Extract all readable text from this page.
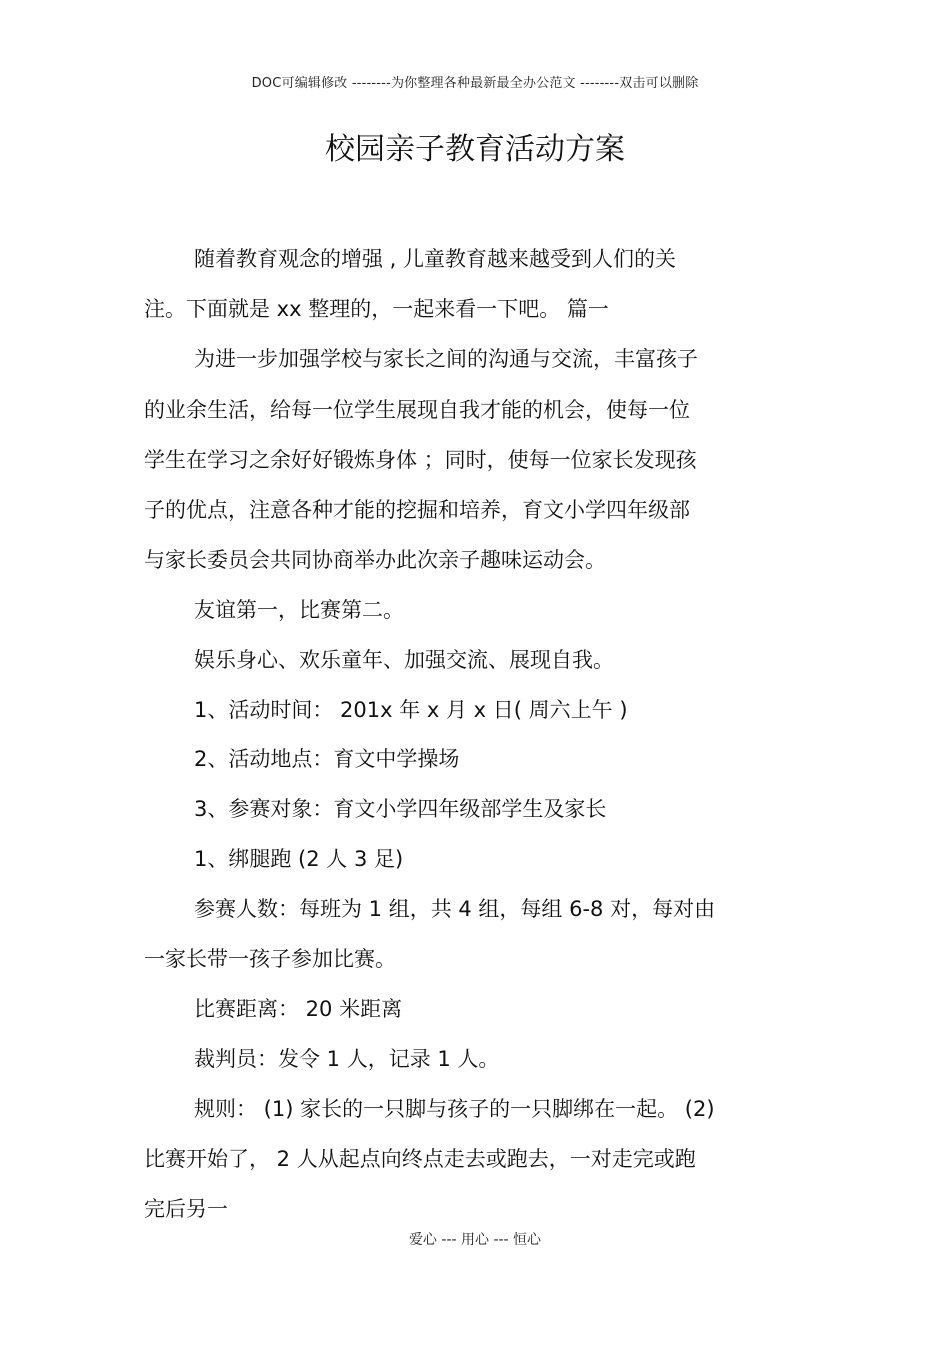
DOC可编辑修改 --------为你整理各种最新最全办公范文 --------双击可以删除
校园亲子教育活动方案
随着教育观念的增强 , 儿童教育越来越受到人们的关
注。下面就是 xx 整理的，一起来看一下吧。 篇一
为进一步加强学校与家长之间的沟通与交流，丰富孩子
的业余生活，给每一位学生展现自我才能的机会，使每一位
学生在学习之余好好锻炼身体 ；同时，使每一位家长发现孩
子的优点，注意各种才能的挖掘和培养，育文小学四年级部
与家长委员会共同协商举办此次亲子趣味运动会。
友谊第一，比赛第二。
娱乐身心、欢乐童年、加强交流、展现自我。
1、活动时间： 201x 年 x 月 x 日( 周六上午 )
2、活动地点：育文中学操场
3、参赛对象：育文小学四年级部学生及家长
1、绑腿跑 (2 人 3 足)
参赛人数：每班为 1 组，共 4 组，每组 6-8 对，每对由
一家长带一孩子参加比赛。
比赛距离： 20 米距离
裁判员：发令 1 人，记录 1 人。
规则： (1) 家长的一只脚与孩子的一只脚绑在一起。 (2)
比赛开始了， 2 人从起点向终点走去或跑去，一对走完或跑
完后另一
爱心 --- 用心 --- 恒心
